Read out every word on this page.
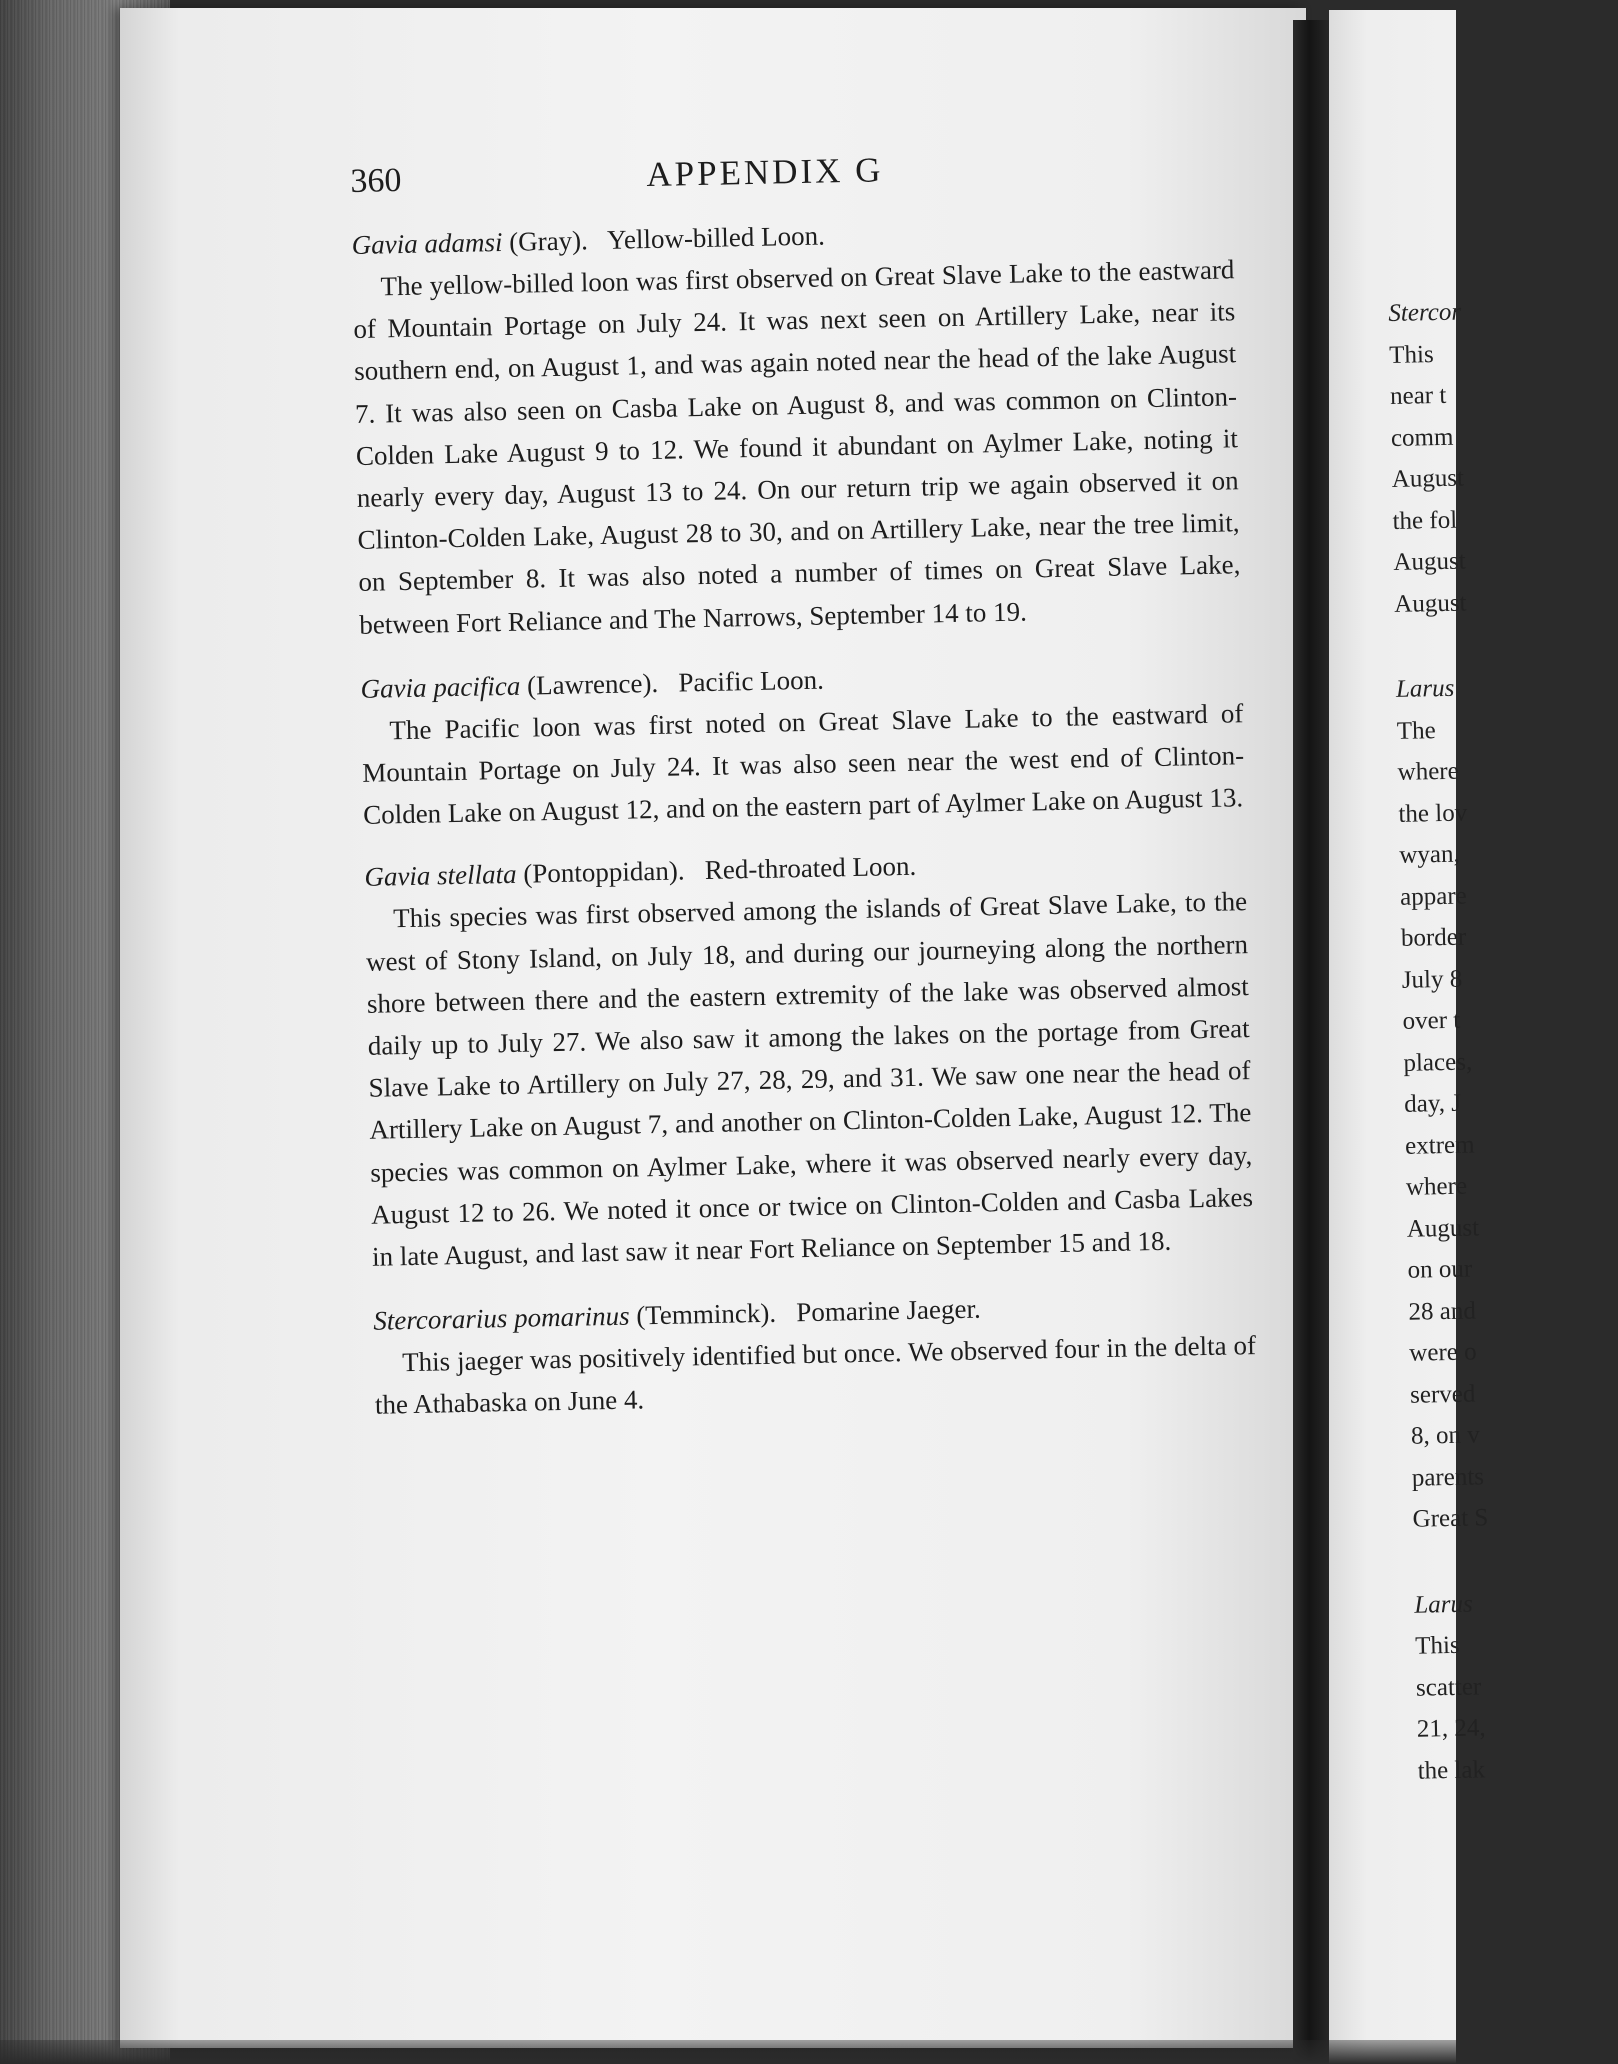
360	APPENDIX G
Gavia adamsi (Gray). Yellow-billed Loon.

The yellow-billed loon was first observed on Great Slave Lake to the eastward of Mountain Portage on July 24. It was next seen on Artillery Lake, near its southern end, on August 1, and was again noted near the head of the lake August 7. It was also seen on Casba Lake on August 8, and was common on Clinton-Colden Lake August 9 to 12. We found it abundant on Aylmer Lake, noting it nearly every day, August 13 to 24. On our return trip we again observed it on Clinton-Colden Lake, August 28 to 30, and on Artillery Lake, near the tree limit, on September 8. It was also noted a number of times on Great Slave Lake, between Fort Reliance and The Narrows, September 14 to 19.

Gavia pacifica (Lawrence). Pacific Loon.

The Pacific loon was first noted on Great Slave Lake to the eastward of Mountain Portage on July 24. It was also seen near the west end of Clinton-Colden Lake on August 12, and on the eastern part of Aylmer Lake on August 13.

Gavia stellata (Pontoppidan). Red-throated Loon.

This species was first observed among the islands of Great Slave Lake, to the west of Stony Island, on July 18, and during our journeying along the northern shore between there and the eastern extremity of the lake was observed almost daily up to July 27. We also saw it among the lakes on the portage from Great Slave Lake to Artillery on July 27, 28, 29, and 31. We saw one near the head of Artillery Lake on August 7, and another on Clinton-Colden Lake, August 12. The species was common on Aylmer Lake, where it was observed nearly every day, August 12 to 26. We noted it once or twice on Clinton-Colden and Casba Lakes in late August, and last saw it near Fort Reliance on September 15 and 18.

Stercorarius pomarinus (Temminck). Pomarine Jaeger.

This jaeger was positively identified but once. We observed four in the delta of the Athabaska on June 4.

Stercor
This
near t
comm
August
the fol
August
August
Larus
The
where
the lov
wyan,
appare
border
July 8
over t
places,
day, J
extrem
where
August
on our
28 and
were o
served
8, on v
parents
Great S
Larus
This
scatter
21, 24,
the lak
